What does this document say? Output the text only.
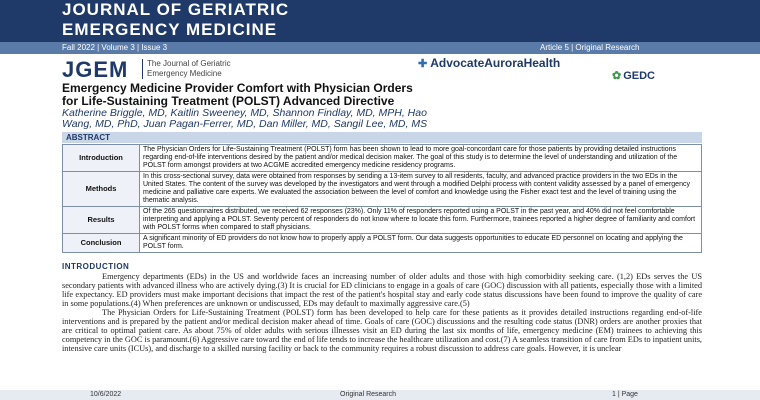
JOURNAL OF GERIATRIC
EMERGENCY MEDICINE
Fall 2022 | Volume 3 | Issue 3	Article 5 | Original Research
JGEM	The Journal of Geriatric
Emergency Medicine
✚ AdvocateAuroraHealth
✿ GEDC
Emergency Medicine Provider Comfort with Physician Orders
for Life-Sustaining Treatment (POLST) Advanced Directive
Katherine Briggle, MD, Kaitlin Sweeney, MD, Shannon Findlay, MD, MPH, Hao
Wang, MD, PhD, Juan Pagan-Ferrer, MD, Dan Miller, MD, Sangil Lee, MD, MS
ABSTRACT
Introduction	The Physician Orders for Life-Sustaining Treatment (POLST) form has been shown to lead to more goal-concordant care for those patients by providing detailed instructions regarding end-of-life interventions desired by the patient and/or medical decision maker. The goal of this study is to determine the level of understanding and utilization of the POLST form amongst providers at two ACGME accredited emergency medicine residency programs.
Methods	In this cross-sectional survey, data were obtained from responses by sending a 13-item survey to all residents, faculty, and advanced practice providers in the two EDs in the United States. The content of the survey was developed by the investigators and went through a modified Delphi process with content validity assessed by a panel of emergency medicine and palliative care experts. We evaluated the association between the level of comfort and knowledge using the Fisher exact test and the level of training using the thematic analysis.
Results	Of the 265 questionnaires distributed, we received 62 responses (23%). Only 11% of responders reported using a POLST in the past year, and 40% did not feel comfortable interpreting and applying a POLST. Seventy percent of responders do not know where to locate this form. Furthermore, trainees reported a higher degree of familiarity and comfort with POLST forms when compared to staff physicians.
Conclusion	A significant minority of ED providers do not know how to properly apply a POLST form. Our data suggests opportunities to educate ED personnel on locating and applying the POLST form.
INTRODUCTION

Emergency departments (EDs) in the US and worldwide faces an increasing number of older adults and those with high comorbidity seeking care. (1,2) EDs serves the US secondary patients with advanced illness who are actively dying.(3) It is crucial for ED clinicians to engage in a goals of care (GOC) discussion with all patients, especially those with a limited life expectancy. ED providers must make important decisions that impact the rest of the patient's hospital stay and early code status discussions have been found to improve the quality of care in some populations.(4) When preferences are unknown or undiscussed, EDs may default to maximally aggressive care.(5)

The Physician Orders for Life-Sustaining Treatment (POLST) form has been developed to help care for these patients as it provides detailed instructions regarding end-of-life interventions and is prepared by the patient and/or medical decision maker ahead of time. Goals of care (GOC) discussions and the resulting code status (DNR) orders are another proxies that are critical to optimal patient care. As about 75% of older adults with serious illnesses visit an ED during the last six months of life, emergency medicine (EM) trainees to achieving this competency in the GOC is paramount.(6) Aggressive care toward the end of life tends to increase the healthcare utilization and cost.(7) A seamless transition of care from EDs to inpatient units, intensive care units (ICUs), and discharge to a skilled nursing facility or back to the community requires a robust discussion to address care goals. However, it is unclear

10/6/2022	Original Research	1 | Page
